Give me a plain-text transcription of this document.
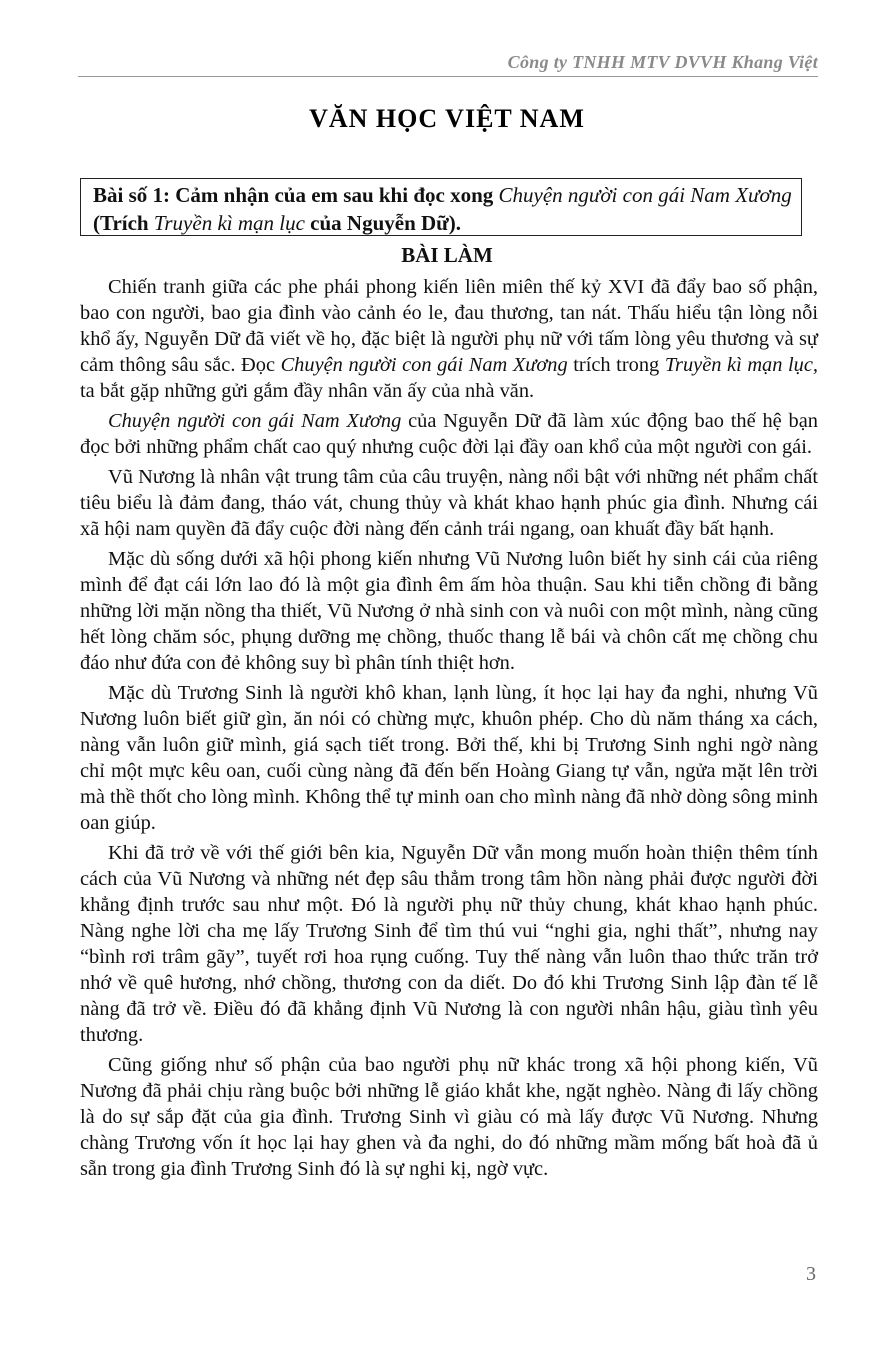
Công ty TNHH MTV DVVH Khang Việt
VĂN HỌC VIỆT NAM
Bài số 1: Cảm nhận của em sau khi đọc xong Chuyện người con gái Nam Xương (Trích Truyền kì mạn lục của Nguyễn Dữ).
BÀI LÀM

Chiến tranh giữa các phe phái phong kiến liên miên thế kỷ XVI đã đẩy bao số phận, bao con người, bao gia đình vào cảnh éo le, đau thương, tan nát. Thấu hiểu tận lòng nỗi khổ ấy, Nguyễn Dữ đã viết về họ, đặc biệt là người phụ nữ với tấm lòng yêu thương và sự cảm thông sâu sắc. Đọc Chuyện người con gái Nam Xương trích trong Truyền kì mạn lục, ta bắt gặp những gửi gắm đầy nhân văn ấy của nhà văn.

Chuyện người con gái Nam Xương của Nguyễn Dữ đã làm xúc động bao thế hệ bạn đọc bởi những phẩm chất cao quý nhưng cuộc đời lại đầy oan khổ của một người con gái.

Vũ Nương là nhân vật trung tâm của câu truyện, nàng nổi bật với những nét phẩm chất tiêu biểu là đảm đang, tháo vát, chung thủy và khát khao hạnh phúc gia đình. Nhưng cái xã hội nam quyền đã đẩy cuộc đời nàng đến cảnh trái ngang, oan khuất đầy bất hạnh.

Mặc dù sống dưới xã hội phong kiến nhưng Vũ Nương luôn biết hy sinh cái của riêng mình để đạt cái lớn lao đó là một gia đình êm ấm hòa thuận. Sau khi tiễn chồng đi bằng những lời mặn nồng tha thiết, Vũ Nương ở nhà sinh con và nuôi con một mình, nàng cũng hết lòng chăm sóc, phụng dưỡng mẹ chồng, thuốc thang lễ bái và chôn cất mẹ chồng chu đáo như đứa con đẻ không suy bì phân tính thiệt hơn.

Mặc dù Trương Sinh là người khô khan, lạnh lùng, ít học lại hay đa nghi, nhưng Vũ Nương luôn biết giữ gìn, ăn nói có chừng mực, khuôn phép. Cho dù năm tháng xa cách, nàng vẫn luôn giữ mình, giá sạch tiết trong. Bởi thế, khi bị Trương Sinh nghi ngờ nàng chỉ một mực kêu oan, cuối cùng nàng đã đến bến Hoàng Giang tự vẫn, ngửa mặt lên trời mà thề thốt cho lòng mình. Không thể tự minh oan cho mình nàng đã nhờ dòng sông minh oan giúp.

Khi đã trở về với thế giới bên kia, Nguyễn Dữ vẫn mong muốn hoàn thiện thêm tính cách của Vũ Nương và những nét đẹp sâu thẳm trong tâm hồn nàng phải được người đời khẳng định trước sau như một. Đó là người phụ nữ thủy chung, khát khao hạnh phúc. Nàng nghe lời cha mẹ lấy Trương Sinh để tìm thú vui “nghi gia, nghi thất”, nhưng nay “bình rơi trâm gãy”, tuyết rơi hoa rụng cuống. Tuy thế nàng vẫn luôn thao thức trăn trở nhớ về quê hương, nhớ chồng, thương con da diết. Do đó khi Trương Sinh lập đàn tế lễ nàng đã trở về. Điều đó đã khẳng định Vũ Nương là con người nhân hậu, giàu tình yêu thương.

Cũng giống như số phận của bao người phụ nữ khác trong xã hội phong kiến, Vũ Nương đã phải chịu ràng buộc bởi những lễ giáo khắt khe, ngặt nghèo. Nàng đi lấy chồng là do sự sắp đặt của gia đình. Trương Sinh vì giàu có mà lấy được Vũ Nương. Nhưng chàng Trương vốn ít học lại hay ghen và đa nghi, do đó những mầm mống bất hoà đã ủ sẵn trong gia đình Trương Sinh đó là sự nghi kị, ngờ vực.

3
